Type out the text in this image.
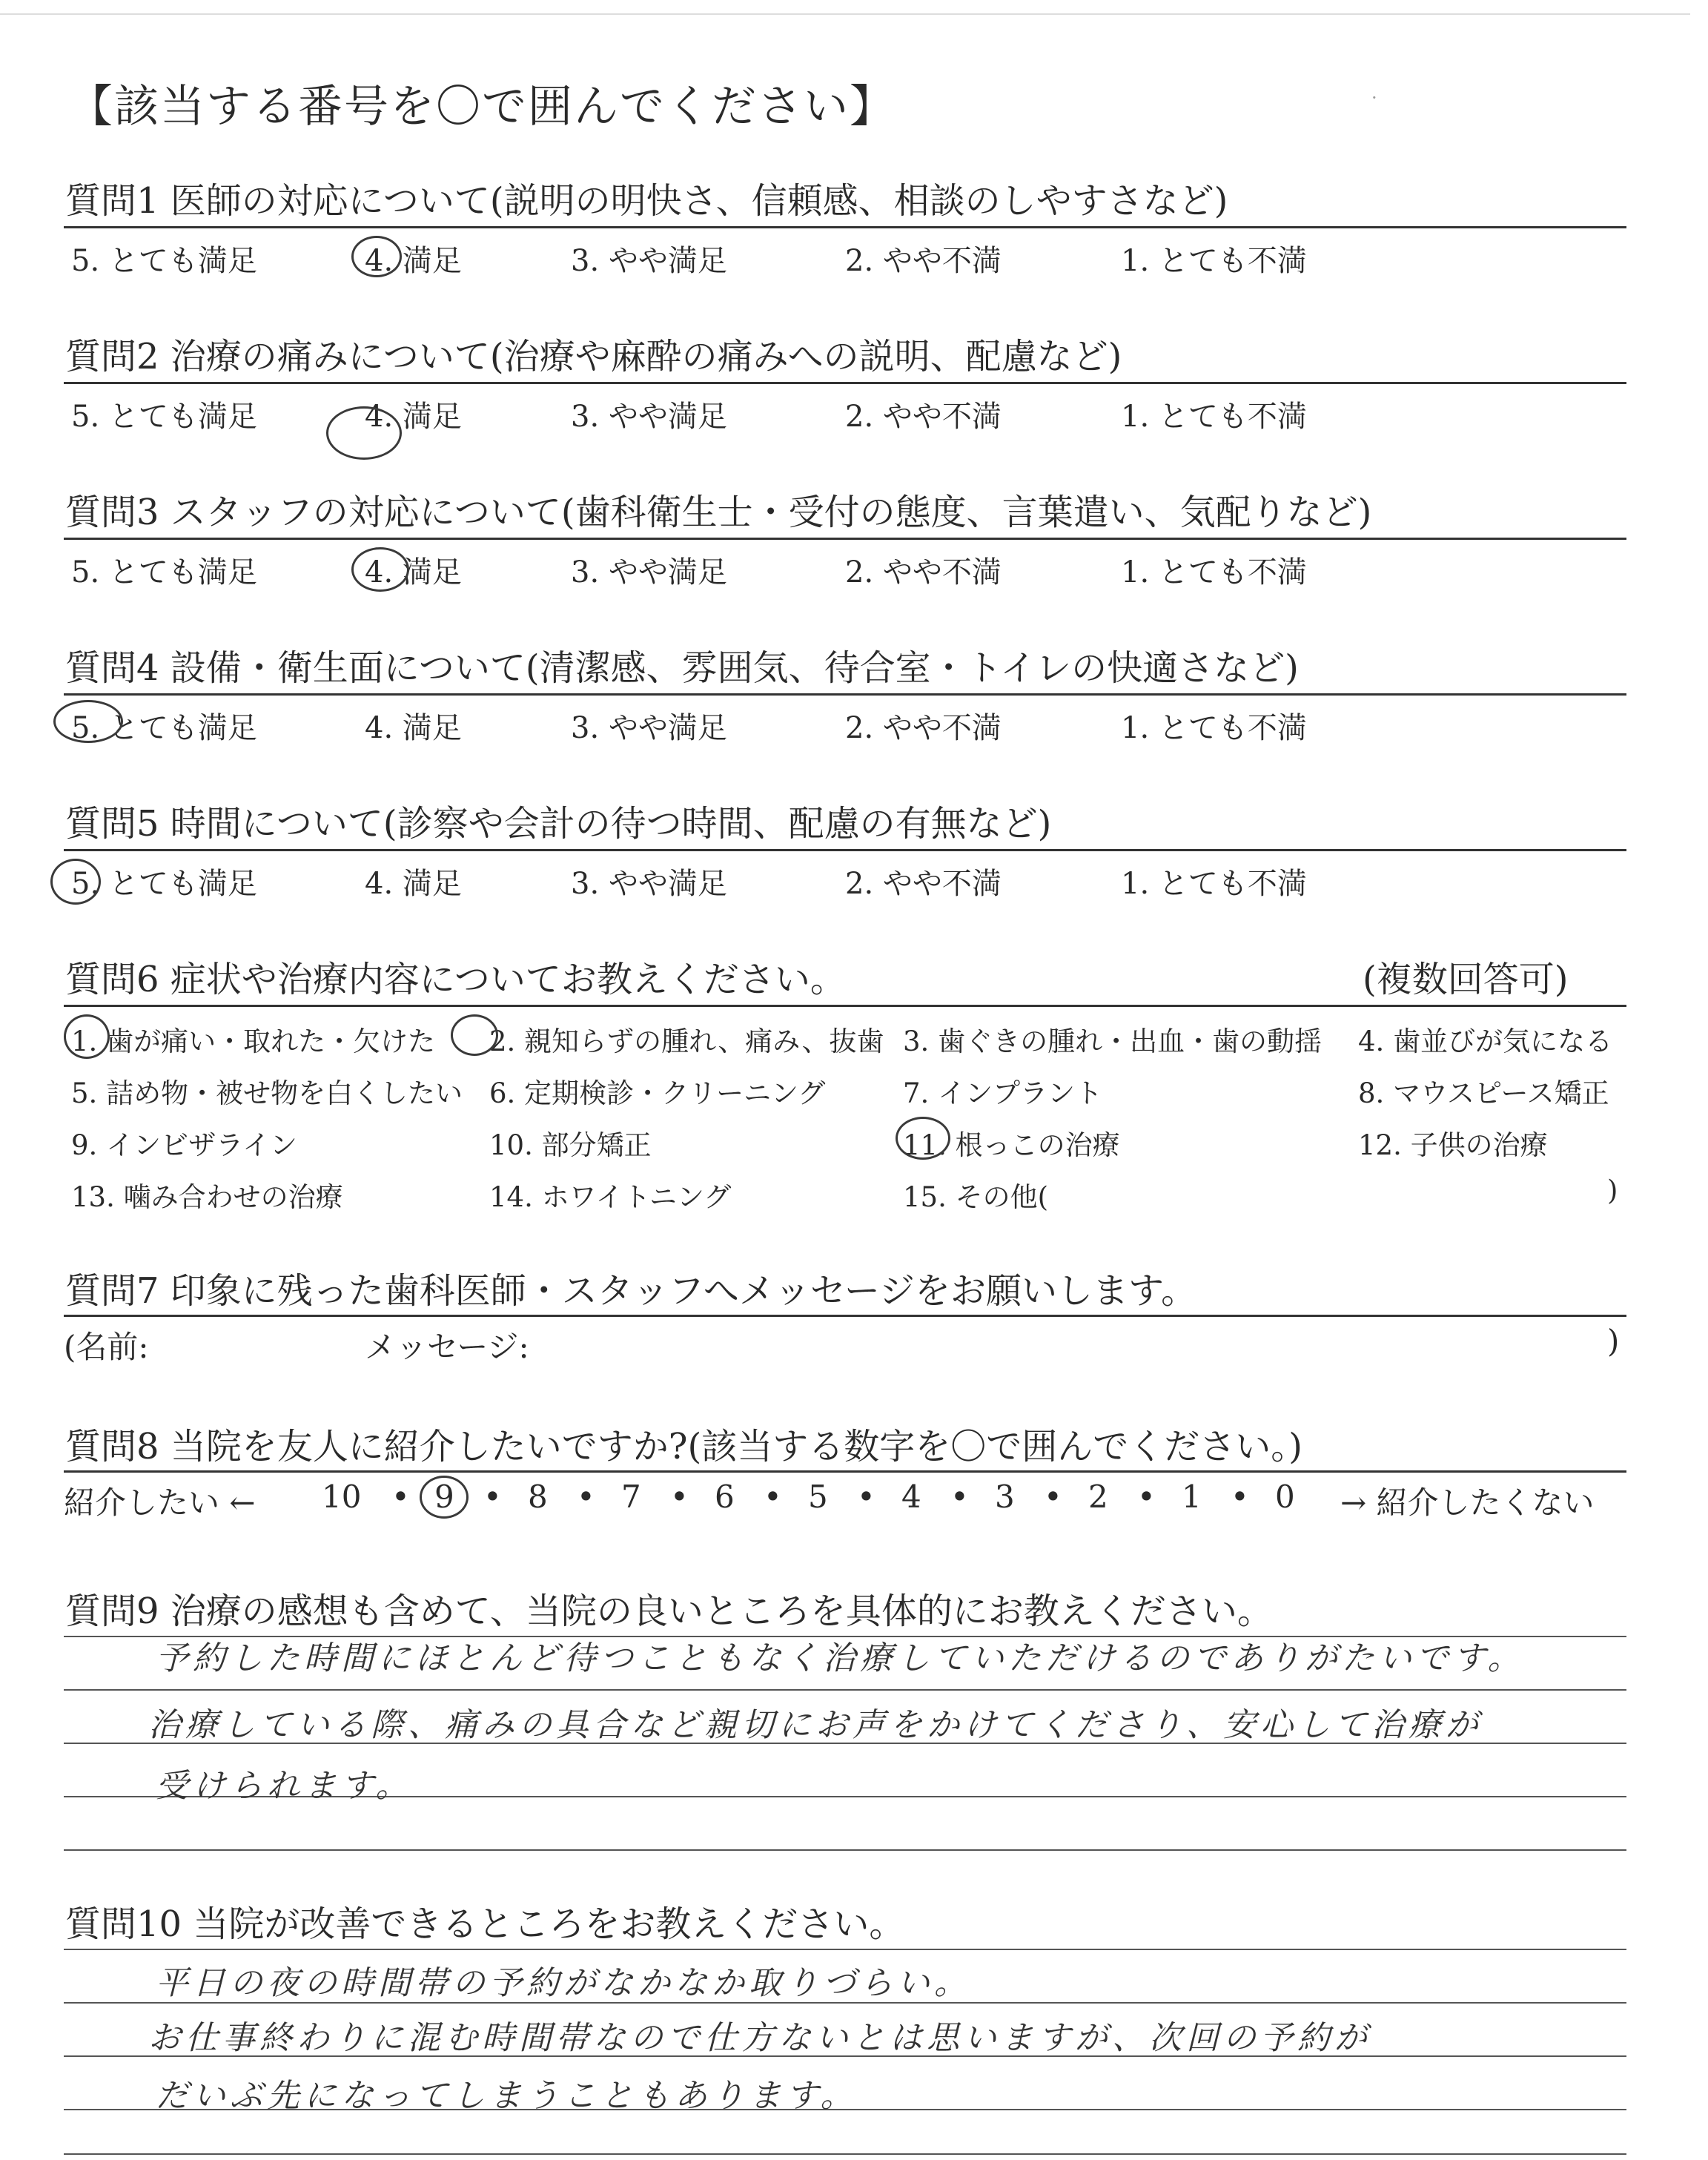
·
【該当する番号を〇で囲んでください】
質問1 医師の対応について(説明の明快さ、信頼感、相談のしやすさなど)
5. とても満足	4. 満足	3. やや満足	2. やや不満	1. とても不満
質問2 治療の痛みについて(治療や麻酔の痛みへの説明、配慮など)
5. とても満足	4. 満足	3. やや満足	2. やや不満	1. とても不満
質問3 スタッフの対応について(歯科衛生士・受付の態度、言葉遣い、気配りなど)
5. とても満足	4. 満足	3. やや満足	2. やや不満	1. とても不満
質問4 設備・衛生面について(清潔感、雰囲気、待合室・トイレの快適さなど)
5. とても満足	4. 満足	3. やや満足	2. やや不満	1. とても不満
質問5 時間について(診察や会計の待つ時間、配慮の有無など)
5. とても満足	4. 満足	3. やや満足	2. やや不満	1. とても不満
質問6 症状や治療内容についてお教えください。	(複数回答可)
1. 歯が痛い・取れた・欠けた 2. 親知らずの腫れ、痛み、抜歯 3. 歯ぐきの腫れ・出血・歯の動揺 4. 歯並びが気になる
5. 詰め物・被せ物を白くしたい 6. 定期検診・クリーニング	7. インプラント	8. マウスピース矯正
9. インビザライン	10. 部分矯正	11. 根っこの治療	12. 子供の治療
13. 噛み合わせの治療	14. ホワイトニング	15. その他(	)
質問7 印象に残った歯科医師・スタッフへメッセージをお願いします。
(名前:	メッセージ:	)
質問8 当院を友人に紹介したいですか?(該当する数字を〇で囲んでください。)
紹介したい ←	→ 紹介したくない
10 • 9 • 8 • 7 • 6 • 5 • 4 • 3 • 2 • 1 • 0
質問9 治療の感想も含めて、当院の良いところを具体的にお教えください。
予約した時間にほとんど待つこともなく治療していただけるのでありがたいです。
治療している際、痛みの具合など親切にお声をかけてくださり、安心して治療が
受けられます。
質問10 当院が改善できるところをお教えください。
平日の夜の時間帯の予約がなかなか取りづらい。
お仕事終わりに混む時間帯なので仕方ないとは思いますが、次回の予約が
だいぶ先になってしまうこともあります。
